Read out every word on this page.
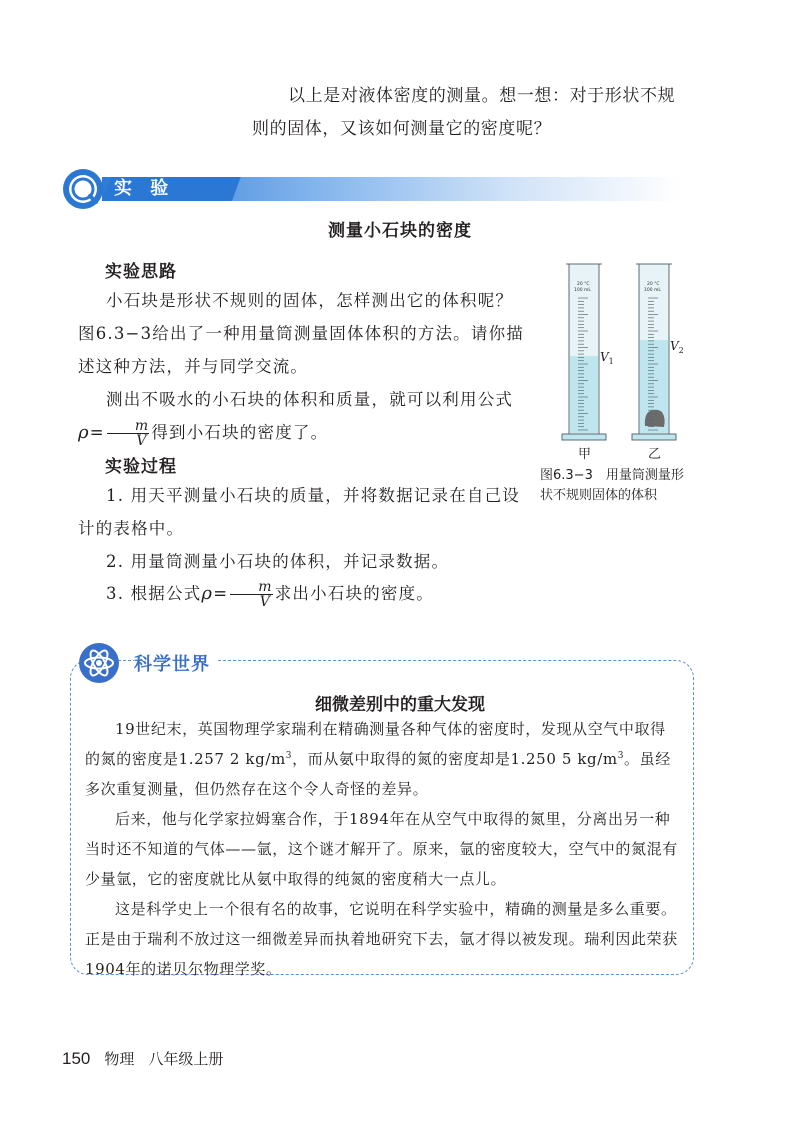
以上是对液体密度的测量。想一想：对于形状不规

则的固体，又该如何测量它的密度呢？

实 验
测量小石块的密度
实验思路

小石块是形状不规则的固体，怎样测出它的体积呢？图6.3−3给出了一种用量筒测量固体体积的方法。请你描述这种方法，并与同学交流。

测出不吸水的小石块的体积和质量，就可以利用公式$\rho= \frac{m}{V}$ 得到小石块的密度了。

实验过程

1. 用天平测量小石块的质量，并将数据记录在自己设计的表格中。

2. 用量筒测量小石块的体积，并记录数据。

3. 根据公式$\rho= \frac{m}{V}$ 求出小石块的密度。

20 °C
100 mL
20 °C
100 mL
$V_1$
$V_2$
甲	乙
图6.3−3　用量筒测量形
状不规则固体的体积
科学世界
细微差别中的重大发现

19世纪末，英国物理学家瑞利在精确测量各种气体的密度时，发现从空气中取得的氮的密度是1.257 2 $kg/m^3$，而从氨中取得的氮的密度却是1.250 5 $kg/m^3$。虽经多次重复测量，但仍然存在这个令人奇怪的差异。

后来，他与化学家拉姆塞合作，于1894年在从空气中取得的氮里，分离出另一种当时还不知道的气体——氩，这个谜才解开了。原来，氩的密度较大，空气中的氮混有少量氩，它的密度就比从氨中取得的纯氮的密度稍大一点儿。

这是科学史上一个很有名的故事，它说明在科学实验中，精确的测量是多么重要。正是由于瑞利不放过这一细微差异而执着地研究下去，氩才得以被发现。瑞利因此荣获1904年的诺贝尔物理学奖。

150 物理 八年级上册
